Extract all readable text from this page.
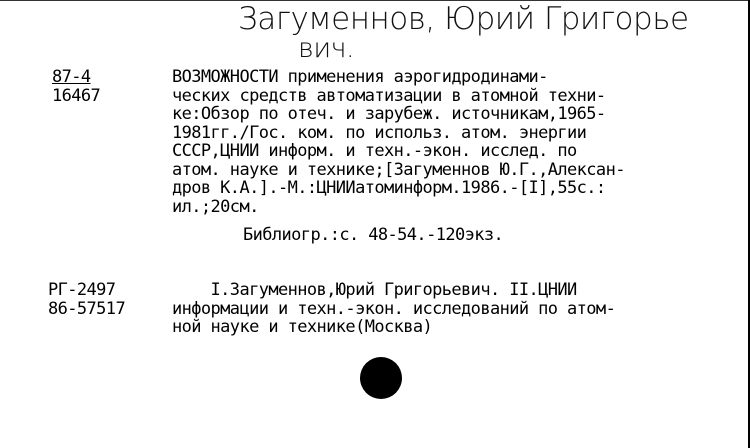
Загуменнов, Юрий Григорье
вич.
87-4
16467
ВОЗМОЖНОСТИ применения аэрогидродинами-
ческих средств автоматизации в атомной техни-
ке:Обзор по отеч. и зарубеж. источникам,1965-
1981гг./Гос. ком. по использ. атом. энергии
СССР,ЦНИИ информ. и техн.-экон. исслед. по
атом. науке и технике;[Загуменнов Ю.Г.,Алексан-
дров К.А.].-М.:ЦНИИатоминформ.1986.-[I],55с.:
ил.;20см.
Библиогр.:с. 48-54.-120экз.
РГ-2497
86-57517
I.Загуменнов,Юрий Григорьевич. II.ЦНИИ
информации и техн.-экон. исследований по атом-
ной науке и технике(Москва)
